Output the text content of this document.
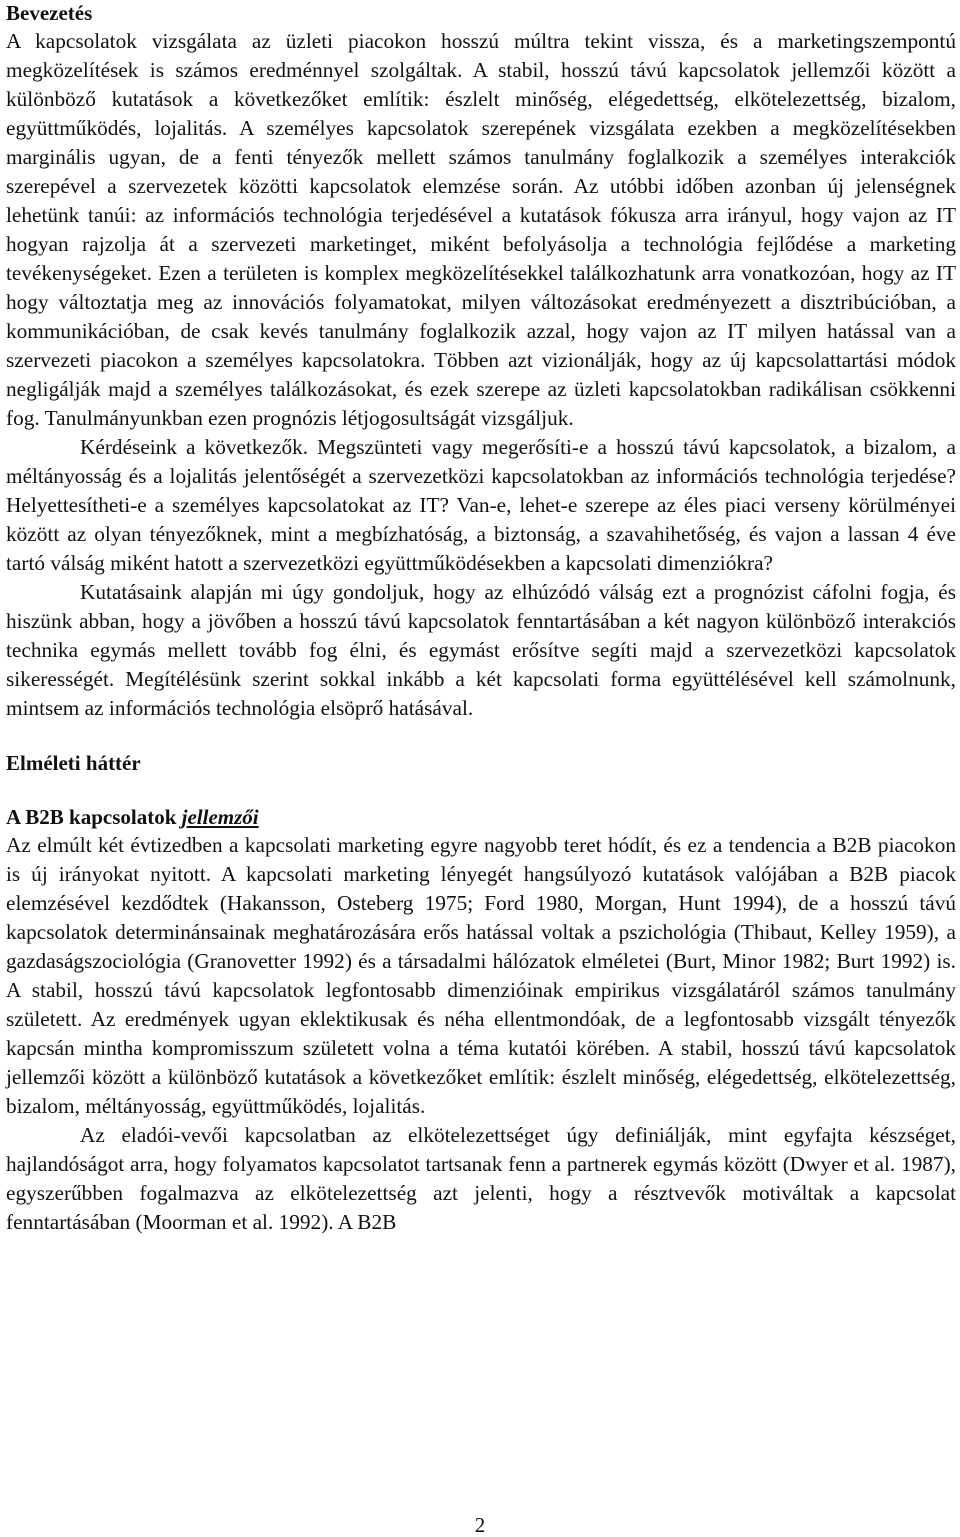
Bevezetés

A kapcsolatok vizsgálata az üzleti piacokon hosszú múltra tekint vissza, és a marketingszempontú megközelítések is számos eredménnyel szolgáltak. A stabil, hosszú távú kapcsolatok jellemzői között a különböző kutatások a következőket említik: észlelt minőség, elégedettség, elkötelezettség, bizalom, együttműködés, lojalitás. A személyes kapcsolatok szerepének vizsgálata ezekben a megközelítésekben marginális ugyan, de a fenti tényezők mellett számos tanulmány foglalkozik a személyes interakciók szerepével a szervezetek közötti kapcsolatok elemzése során. Az utóbbi időben azonban új jelenségnek lehetünk tanúi: az információs technológia terjedésével a kutatások fókusza arra irányul, hogy vajon az IT hogyan rajzolja át a szervezeti marketinget, miként befolyásolja a technológia fejlődése a marketing tevékenységeket. Ezen a területen is komplex megközelítésekkel találkozhatunk arra vonatkozóan, hogy az IT hogy változtatja meg az innovációs folyamatokat, milyen változásokat eredményezett a disztribúcióban, a kommunikációban, de csak kevés tanulmány foglalkozik azzal, hogy vajon az IT milyen hatással van a szervezeti piacokon a személyes kapcsolatokra. Többen azt vizionálják, hogy az új kapcsolattartási módok negligálják majd a személyes találkozásokat, és ezek szerepe az üzleti kapcsolatokban radikálisan csökkenni fog. Tanulmányunkban ezen prognózis létjogosultságát vizsgáljuk.

Kérdéseink a következők. Megszünteti vagy megerősíti-e a hosszú távú kapcsolatok, a bizalom, a méltányosság és a lojalitás jelentőségét a szervezetközi kapcsolatokban az információs technológia terjedése? Helyettesítheti-e a személyes kapcsolatokat az IT? Van-e, lehet-e szerepe az éles piaci verseny körülményei között az olyan tényezőknek, mint a megbízhatóság, a biztonság, a szavahihetőség, és vajon a lassan 4 éve tartó válság miként hatott a szervezetközi együttműködésekben a kapcsolati dimenziókra?

Kutatásaink alapján mi úgy gondoljuk, hogy az elhúzódó válság ezt a prognózist cáfolni fogja, és hiszünk abban, hogy a jövőben a hosszú távú kapcsolatok fenntartásában a két nagyon különböző interakciós technika egymás mellett tovább fog élni, és egymást erősítve segíti majd a szervezetközi kapcsolatok sikerességét. Megítélésünk szerint sokkal inkább a két kapcsolati forma együttélésével kell számolnunk, mintsem az információs technológia elsöprő hatásával.

Elméleti háttér
A B2B kapcsolatok jellemzői

Az elmúlt két évtizedben a kapcsolati marketing egyre nagyobb teret hódít, és ez a tendencia a B2B piacokon is új irányokat nyitott. A kapcsolati marketing lényegét hangsúlyozó kutatások valójában a B2B piacok elemzésével kezdődtek (Hakansson, Osteberg 1975; Ford 1980, Morgan, Hunt 1994), de a hosszú távú kapcsolatok determinánsainak meghatározására erős hatással voltak a pszichológia (Thibaut, Kelley 1959), a gazdaságszociológia (Granovetter 1992) és a társadalmi hálózatok elméletei (Burt, Minor 1982; Burt 1992) is. A stabil, hosszú távú kapcsolatok legfontosabb dimenzióinak empirikus vizsgálatáról számos tanulmány született. Az eredmények ugyan eklektikusak és néha ellentmondóak, de a legfontosabb vizsgált tényezők kapcsán mintha kompromisszum született volna a téma kutatói körében. A stabil, hosszú távú kapcsolatok jellemzői között a különböző kutatások a következőket említik: észlelt minőség, elégedettség, elkötelezettség, bizalom, méltányosság, együttműködés, lojalitás.

Az eladói-vevői kapcsolatban az elkötelezettséget úgy definiálják, mint egyfajta készséget, hajlandóságot arra, hogy folyamatos kapcsolatot tartsanak fenn a partnerek egymás között (Dwyer et al. 1987), egyszerűbben fogalmazva az elkötelezettség azt jelenti, hogy a résztvevők motiváltak a kapcsolat fenntartásában (Moorman et al. 1992). A B2B

2
